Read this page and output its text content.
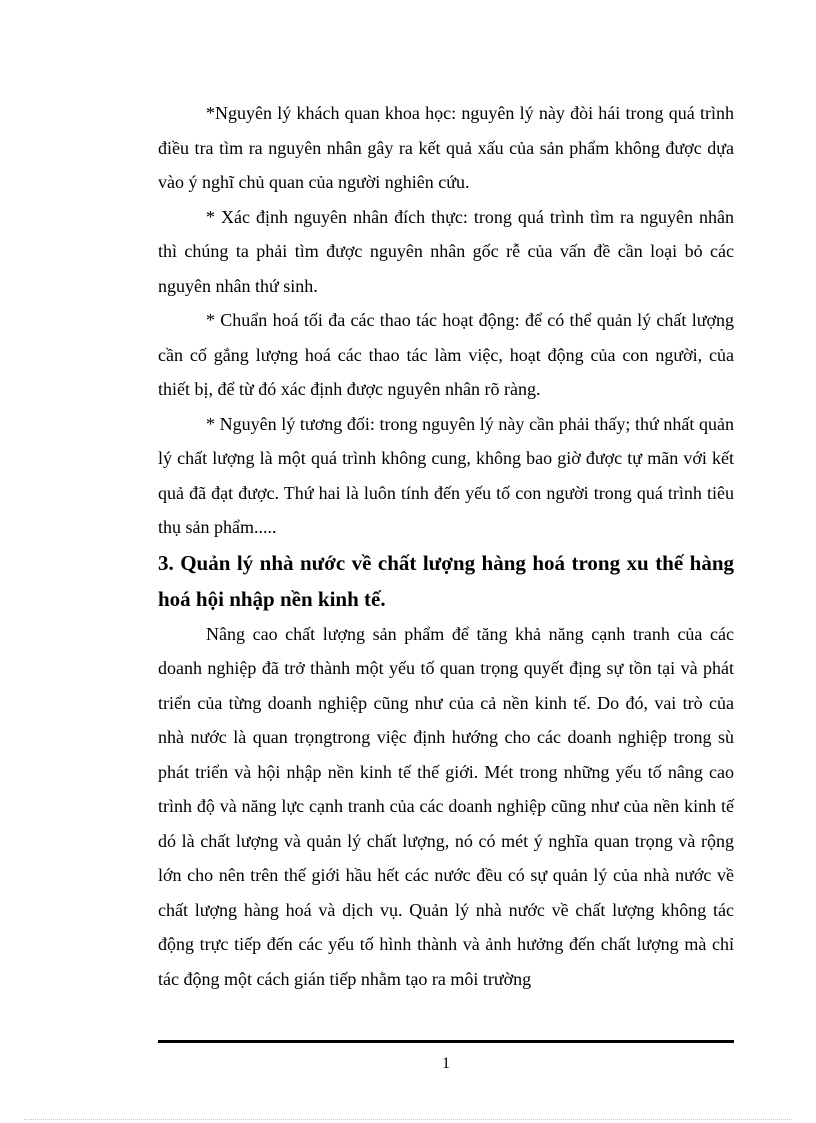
*Nguyên lý khách quan khoa học: nguyên lý này đòi hái trong quá trình điều tra tìm ra nguyên nhân gây ra kết quả xấu của sản phẩm không được dựa vào ý nghĩ chủ quan của người nghiên cứu.

* Xác định nguyên nhân đích thực: trong quá trình tìm ra nguyên nhân thì chúng ta phải tìm được nguyên nhân gốc rễ của vấn đề cần loại bỏ các nguyên nhân thứ sinh.

* Chuẩn hoá tối đa các thao tác hoạt động: để có thể quản lý chất lượng cần cố gắng lượng hoá các thao tác làm việc, hoạt động của con người, của thiết bị, để từ đó xác định được nguyên nhân rõ ràng.

* Nguyên lý tương đối: trong nguyên lý này cần phải thấy; thứ nhất quản lý chất lượng là một quá trình không cung, không bao giờ được tự mãn với kết quả đã đạt được. Thứ hai là luôn tính đến yếu tố con người trong quá trình tiêu thụ sản phẩm.....

3. Quản lý nhà nước về chất lượng hàng hoá trong xu thế hàng hoá hội nhập nền kinh tế.

Nâng cao chất lượng sản phẩm để tăng khả năng cạnh tranh của các doanh nghiệp đã trở thành một yếu tố quan trọng quyết địng sự tồn tại và phát triển của từng doanh nghiệp cũng như của cả nền kinh tế. Do đó, vai trò của nhà nước là quan trọngtrong việc định hướng cho các doanh nghiệp trong sù phát triển và hội nhập nền kinh tế thế giới. Mét trong những yếu tố nâng cao trình độ và năng lực cạnh tranh của các doanh nghiệp cũng như của nền kinh tế dó là chất lượng và quản lý chất lượng, nó có mét ý nghĩa quan trọng và rộng lớn cho nên trên thế giới hầu hết các nước đều có sự quản lý của nhà nước về chất lượng hàng hoá và dịch vụ. Quản lý nhà nước về chất lượng không tác động trực tiếp đến các yếu tố hình thành và ảnh hưởng đến chất lượng mà chỉ tác động một cách gián tiếp nhằm tạo ra môi trường

1
